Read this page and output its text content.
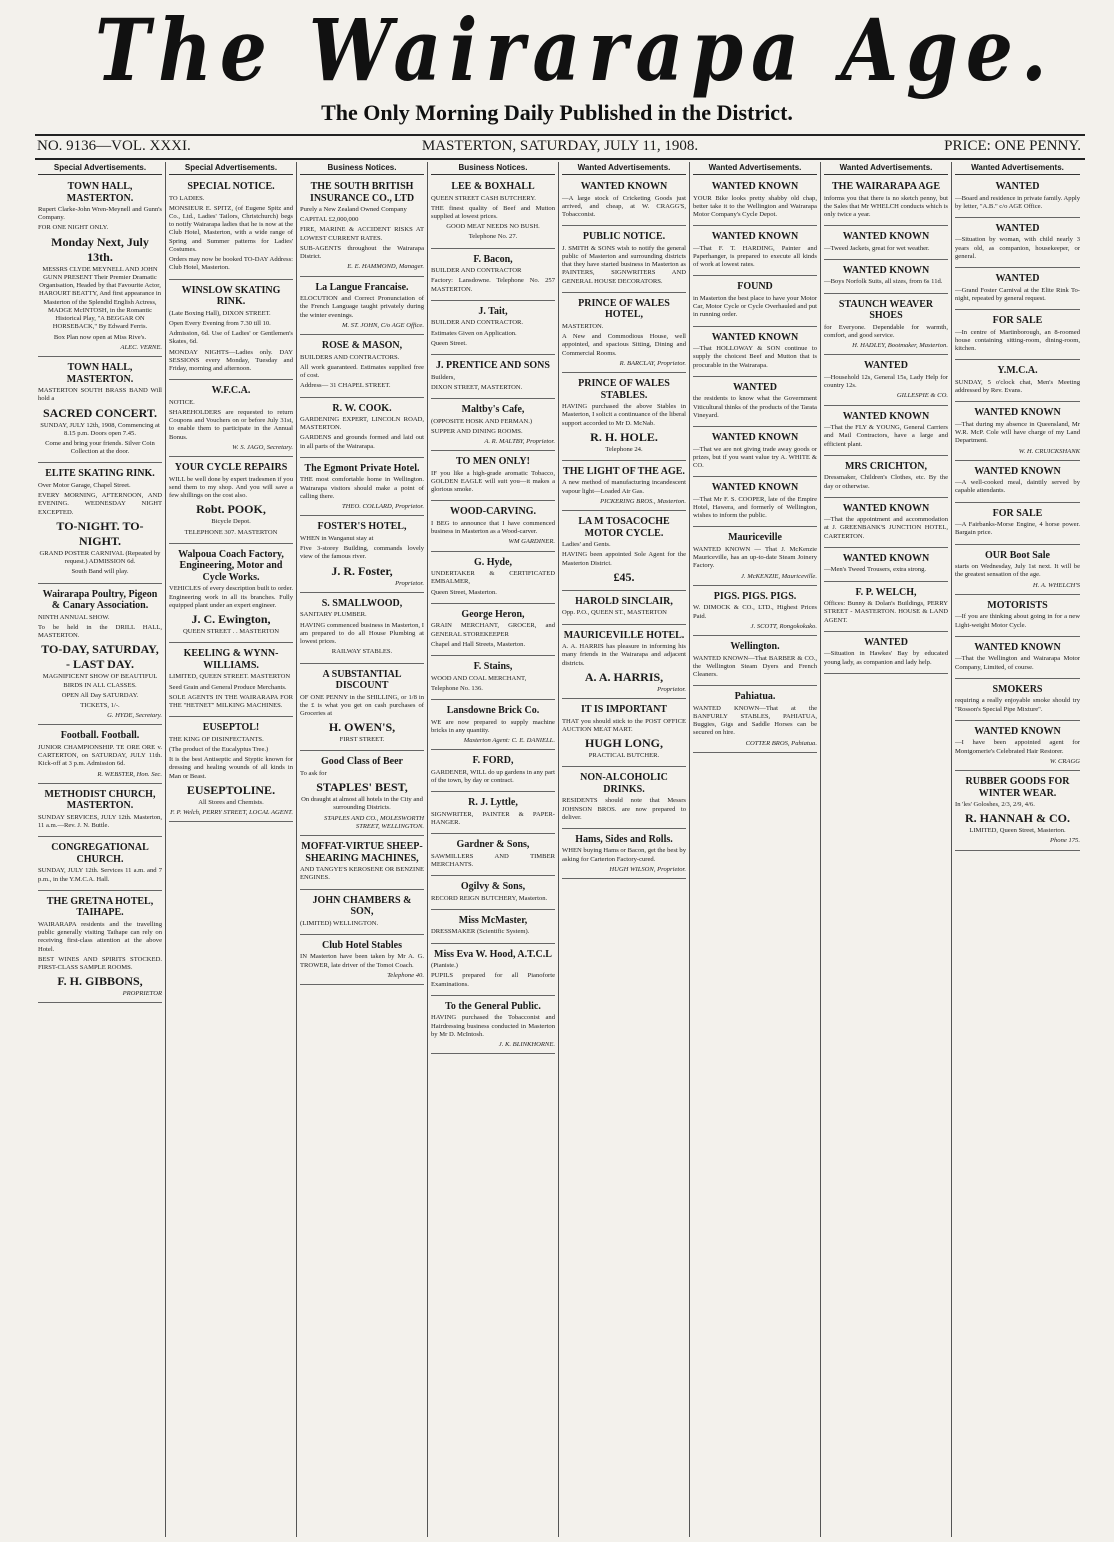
The Wairarapa Age.
The Only Morning Daily Published in the District.
MASTERTON, SATURDAY, JULY 11, 1908.
NO. 9136—VOL. XXXI.	PRICE: ONE PENNY.
Special Advertisements.
TOWN HALL, MASTERTON.

Rupert Clarke-John Wren-Meynell and Gunn's Company.

FOR ONE NIGHT ONLY.

Monday Next, July 13th.

MESSRS CLYDE MEYNELL AND JOHN GUNN PRESENT Their Premier Dramatic Organisation, Headed by that Favourite Actor, HAROURT BEATTY, And first appearance in Masterton of the Splendid English Actress, MADGE McINTOSH, in the Romantic Historical Play, "A BEGGAR ON HORSEBACK," By Edward Ferris.

Box Plan now open at Miss Rive's.

ALEC. VERNE.

TOWN HALL, MASTERTON.

MASTERTON SOUTH BRASS BAND Will hold a

SACRED CONCERT.

SUNDAY, JULY 12th, 1908, Commencing at 8.15 p.m. Doors open 7.45.

Come and bring your friends. Silver Coin Collection at the door.

ELITE SKATING RINK.

Over Motor Garage, Chapel Street.

EVERY MORNING, AFTERNOON, AND EVENING. WEDNESDAY NIGHT EXCEPTED.

TO-NIGHT. TO-NIGHT.

GRAND POSTER CARNIVAL (Repeated by request.) ADMISSION 6d.

South Band will play.

Wairarapa Poultry, Pigeon & Canary Association.

NINTH ANNUAL SHOW.

To be held in the DRILL HALL, MASTERTON.

TO-DAY, SATURDAY, - LAST DAY.

MAGNIFICENT SHOW OF BEAUTIFUL BIRDS IN ALL CLASSES.

OPEN All Day SATURDAY.

TICKETS, 1/-.

G. HYDE, Secretary.

Football. Football.

JUNIOR CHAMPIONSHIP. TE ORE ORE v. CARTERTON, on SATURDAY, JULY 11th. Kick-off at 3 p.m. Admission 6d.

R. WEBSTER, Hon. Sec.

METHODIST CHURCH, MASTERTON.

SUNDAY SERVICES, JULY 12th. Masterton, 11 a.m.—Rev. J. N. Buttle.

CONGREGATIONAL CHURCH.

SUNDAY, JULY 12th. Services 11 a.m. and 7 p.m., in the Y.M.C.A. Hall.

THE GRETNA HOTEL, TAIHAPE.

WAIRARAPA residents and the travelling public generally visiting Taihape can rely on receiving first-class attention at the above Hotel.

BEST WINES AND SPIRITS STOCKED. FIRST-CLASS SAMPLE ROOMS.

F. H. GIBBONS,

PROPRIETOR

Special Advertisements.
SPECIAL NOTICE.

TO LADIES.

MONSIEUR E. SPITZ, (of Eugene Spitz and Co., Ltd., Ladies' Tailors, Christchurch) begs to notify Wairarapa ladies that he is now at the Club Hotel, Masterton, with a wide range of Spring and Summer patterns for Ladies' Costumes.

Orders may now be booked TO-DAY Address: Club Hotel, Masterton.

WINSLOW SKATING RINK.

(Late Boxing Hall), DIXON STREET.

Open Every Evening from 7.30 till 10.

Admission, 6d. Use of Ladies' or Gentlemen's Skates, 6d.

MONDAY NIGHTS—Ladies only. DAY SESSIONS every Monday, Tuesday and Friday, morning and afternoon.

W.F.C.A.

NOTICE.

SHAREHOLDERS are requested to return Coupons and Vouchers on or before July 31st, to enable them to participate in the Annual Bonus.

W. S. JAGO, Secretary.

YOUR CYCLE REPAIRS

WILL be well done by expert tradesmen if you send them to my shop. And you will save a few shillings on the cost also.

Robt. POOK,

Bicycle Depot.

TELEPHONE 307. MASTERTON

Walpoua Coach Factory, Engineering, Motor and Cycle Works.

VEHICLES of every description built to order. Engineering work in all its branches. Fully equipped plant under an expert engineer.

J. C. Ewington,

QUEEN STREET . . MASTERTON

KEELING & WYNN-WILLIAMS.

LIMITED, QUEEN STREET. MASTERTON

Seed Grain and General Produce Merchants.

SOLE AGENTS IN THE WAIRARAPA FOR THE "HETNET" MILKING MACHINES.

EUSEPTOL!

THE KING OF DISINFECTANTS.

(The product of the Eucalyptus Tree.)

It is the best Antiseptic and Styptic known for dressing and healing wounds of all kinds in Man or Beast.

EUSEPTOLINE.

All Stores and Chemists.

F. P. Welch, PERRY STREET, LOCAL AGENT.

Business Notices.
THE SOUTH BRITISH INSURANCE CO., LTD

Purely a New Zealand Owned Company

CAPITAL £2,000,000

FIRE, MARINE & ACCIDENT RISKS AT LOWEST CURRENT RATES.

SUB-AGENTS throughout the Wairarapa District.

E. E. HAMMOND, Manager.

La Langue Francaise.

ELOCUTION and Correct Pronunciation of the French Language taught privately during the winter evenings.

M. ST. JOHN, C/o AGE Office.

ROSE & MASON,

BUILDERS AND CONTRACTORS.

All work guaranteed. Estimates supplied free of cost.

Address— 31 CHAPEL STREET.

R. W. COOK.

GARDENING EXPERT, LINCOLN ROAD, MASTERTON.

GARDENS and grounds formed and laid out in all parts of the Wairarapa.

The Egmont Private Hotel.

THE most comfortable home in Wellington. Wairarapa visitors should make a point of calling there.

THEO. COLLARD, Proprietor.

FOSTER'S HOTEL,

WHEN in Wanganui stay at

Five 3-storey Building, commands lovely view of the famous river.

J. R. Foster,

Proprietor.

S. SMALLWOOD,

SANITARY PLUMBER.

HAVING commenced business in Masterton, I am prepared to do all House Plumbing at lowest prices.

RAILWAY STABLES.

A SUBSTANTIAL DISCOUNT

OF ONE PENNY in the SHILLING, or 1/8 in the £ is what you get on cash purchases of Groceries at

H. OWEN'S,

FIRST STREET.

Good Class of Beer

To ask for

STAPLES' BEST,

On draught at almost all hotels in the City and surrounding Districts.

STAPLES AND CO., MOLESWORTH STREET, WELLINGTON.

MOFFAT-VIRTUE SHEEP-SHEARING MACHINES,

AND TANGYE'S KEROSENE OR BENZINE ENGINES.

JOHN CHAMBERS & SON,

(LIMITED) WELLINGTON.

Club Hotel Stables

IN Masterton have been taken by Mr A. G. TROWER, late driver of the Tomoi Coach.

Telephone 40.

Business Notices.
LEE & BOXHALL

QUEEN STREET CASH BUTCHERY.

THE finest quality of Beef and Mutton supplied at lowest prices.

GOOD MEAT NEEDS NO BUSH.

Telephone No. 27.

F. Bacon,

BUILDER AND CONTRACTOR

Factory: Lansdowne. Telephone No. 257 MASTERTON.

J. Tait,

BUILDER AND CONTRACTOR.

Estimates Given on Application.

Queen Street.

J. PRENTICE AND SONS

Builders,

DIXON STREET, MASTERTON.

Maltby's Cafe,

(OPPOSITE HOSK AND FERMAN.)

SUPPER AND DINING ROOMS.

A. R. MALTBY, Proprietor.

TO MEN ONLY!

IF you like a high-grade aromatic Tobacco, GOLDEN EAGLE will suit you—it makes a glorious smoke.

WOOD-CARVING.

I BEG to announce that I have commenced business in Masterton as a Wood-carver.

WM GARDINER.

G. Hyde,

UNDERTAKER & CERTIFICATED EMBALMER,

Queen Street, Masterton.

George Heron,

GRAIN MERCHANT, GROCER, and GENERAL STOREKEEPER

Chapel and Hall Streets, Masterton.

F. Stains,

WOOD AND COAL MERCHANT,

Telephone No. 136.

Lansdowne Brick Co.

WE are now prepared to supply machine bricks in any quantity.

Masterton Agent: C. E. DANIELL.

F. FORD,

GARDENER, WILL do up gardens in any part of the town, by day or contract.

R. J. Lyttle,

SIGNWRITER, PAINTER & PAPER-HANGER.

Gardner & Sons,

SAWMILLERS AND TIMBER MERCHANTS.

Ogilvy & Sons,

RECORD REIGN BUTCHERY, Masterton.

Miss McMaster,

DRESSMAKER (Scientific System).

Miss Eva W. Hood, A.T.C.L

(Pianiste.)

PUPILS prepared for all Pianoforte Examinations.

To the General Public.

HAVING purchased the Tobacconist and Hairdressing business conducted in Masterton by Mr D. McIntosh.

J. K. BLINKHORNE.

Wanted Advertisements.
WANTED KNOWN

—A large stock of Cricketing Goods just arrived, and cheap, at W. CRAGG'S, Tobacconist.

PUBLIC NOTICE.

J. SMITH & SONS wish to notify the general public of Masterton and surrounding districts that they have started business in Masterton as PAINTERS, SIGNWRITERS AND GENERAL HOUSE DECORATORS.

PRINCE OF WALES HOTEL,

MASTERTON.

A New and Commodious House, well appointed, and spacious Sitting, Dining and Commercial Rooms.

R. BARCLAY, Proprietor.

PRINCE OF WALES STABLES.

HAVING purchased the above Stables in Masterton, I solicit a continuance of the liberal support accorded to Mr D. McNab.

R. H. HOLE.

Telephone 24.

THE LIGHT OF THE AGE.

A new method of manufacturing incandescent vapour light—Loaded Air Gas.

PICKERING BROS., Masterton.

LA M TOSACOCHE MOTOR CYCLE.

Ladies' and Gents.

HAVING been appointed Sole Agent for the Masterton District.

£45.

HAROLD SINCLAIR,

Opp. P.O., QUEEN ST., MASTERTON

MAURICEVILLE HOTEL.

A. A. HARRIS has pleasure in informing his many friends in the Wairarapa and adjacent districts.

A. A. HARRIS,

Proprietor.

IT IS IMPORTANT

THAT you should stick to the POST OFFICE AUCTION MEAT MART.

HUGH LONG,

PRACTICAL BUTCHER.

NON-ALCOHOLIC DRINKS.

RESIDENTS should note that Messrs JOHNSON BROS. are now prepared to deliver.

Hams, Sides and Rolls.

WHEN buying Hams or Bacon, get the best by asking for Carterton Factory-cured.

HUGH WILSON, Proprietor.

Wanted Advertisements.
WANTED KNOWN

YOUR Bike looks pretty shabby old chap, better take it to the Wellington and Wairarapa Motor Company's Cycle Depot.

WANTED KNOWN

—That F. T. HARDING, Painter and Paperhanger, is prepared to execute all kinds of work at lowest rates.

FOUND

in Masterton the best place to have your Motor Car, Motor Cycle or Cycle Overhauled and put in running order.

WANTED KNOWN

—That HOLLOWAY & SON continue to supply the choicest Beef and Mutton that is procurable in the Wairarapa.

WANTED

the residents to know what the Government Viticultural thinks of the products of the Tarata Vineyard.

WANTED KNOWN

—That we are not giving trade away goods or prizes, but if you want value try A. WHITE & CO.

WANTED KNOWN

—That Mr F. S. COOPER, late of the Empire Hotel, Hawera, and formerly of Wellington, wishes to inform the public.

Mauriceville

WANTED KNOWN — That J. McKenzie Mauriceville, has an up-to-date Steam Joinery Factory.

J. McKENZIE, Mauriceville.

PIGS. PIGS. PIGS.

W. DIMOCK & CO., LTD., Highest Prices Paid.

J. SCOTT, Rongokokako.

Wellington.

WANTED KNOWN—That BARBER & CO., the Wellington Steam Dyers and French Cleaners.

Pahiatua.

WANTED KNOWN—That at the BANFURLY STABLES, PAHIATUA, Buggies, Gigs and Saddle Horses can be secured on hire.

COTTER BROS, Pahiatua.

Wanted Advertisements.
THE WAIRARAPA AGE

informs you that there is no sketch penny, but the Sales that Mr WHELCH conducts which is only twice a year.

WANTED KNOWN

—Tweed Jackets, great for wet weather.

WANTED KNOWN

—Boys Norfolk Suits, all sizes, from 6s 11d.

STAUNCH WEAVER SHOES

for Everyone. Dependable for warmth, comfort, and good service.

H. HADLEY, Bootmaker, Masterton.

WANTED

—Household 12s, General 15s, Lady Help for country 12s.

GILLESPIE & CO.

WANTED KNOWN

—That the FLY & YOUNG, General Carriers and Mail Contractors, have a large and efficient plant.

MRS CRICHTON,

Dressmaker, Children's Clothes, etc. By the day or otherwise.

WANTED KNOWN

—That the appointment and accommodation at J. GREENBANK'S JUNCTION HOTEL, CARTERTON.

WANTED KNOWN

—Men's Tweed Trousers, extra strong.

F. P. WELCH,

Offices: Bunny & Dolan's Buildings, PERRY STREET - MASTERTON. HOUSE & LAND AGENT.

WANTED

—Situation in Hawkes' Bay by educated young lady, as companion and lady help.

Wanted Advertisements.
WANTED

—Board and residence in private family. Apply by letter, "A.B." c/o AGE Office.

WANTED

—Situation by woman, with child nearly 3 years old, as companion, housekeeper, or general.

WANTED

—Grand Foster Carnival at the Elite Rink To-night, repeated by general request.

FOR SALE

—In centre of Martinborough, an 8-roomed house containing sitting-room, dining-room, kitchen.

Y.M.C.A.

SUNDAY, 5 o'clock chat, Men's Meeting addressed by Rev. Evans.

WANTED KNOWN

—That during my absence in Queensland, Mr W.R. McP. Cole will have charge of my Land Department.

W. H. CRUICKSHANK

WANTED KNOWN

—A well-cooked meal, daintily served by capable attendants.

FOR SALE

—A Fairbanks-Morse Engine, 4 horse power. Bargain price.

OUR Boot Sale

starts on Wednesday, July 1st next. It will be the greatest sensation of the age.

H. A. WHELCH'S

MOTORISTS

—If you are thinking about going in for a new Light-weight Motor Cycle.

WANTED KNOWN

—That the Wellington and Wairarapa Motor Company, Limited, of course.

SMOKERS

requiring a really enjoyable smoke should try "Rosson's Special Pipe Mixture".

WANTED KNOWN

—I have been appointed agent for Montgomerie's Celebrated Hair Restorer.

W. CRAGG

RUBBER GOODS FOR WINTER WEAR.

In 'les' Goloshes, 2/3, 2/9, 4/6.

R. HANNAH & CO.

LIMITED, Queen Street, Masterton.

Phone 175.
